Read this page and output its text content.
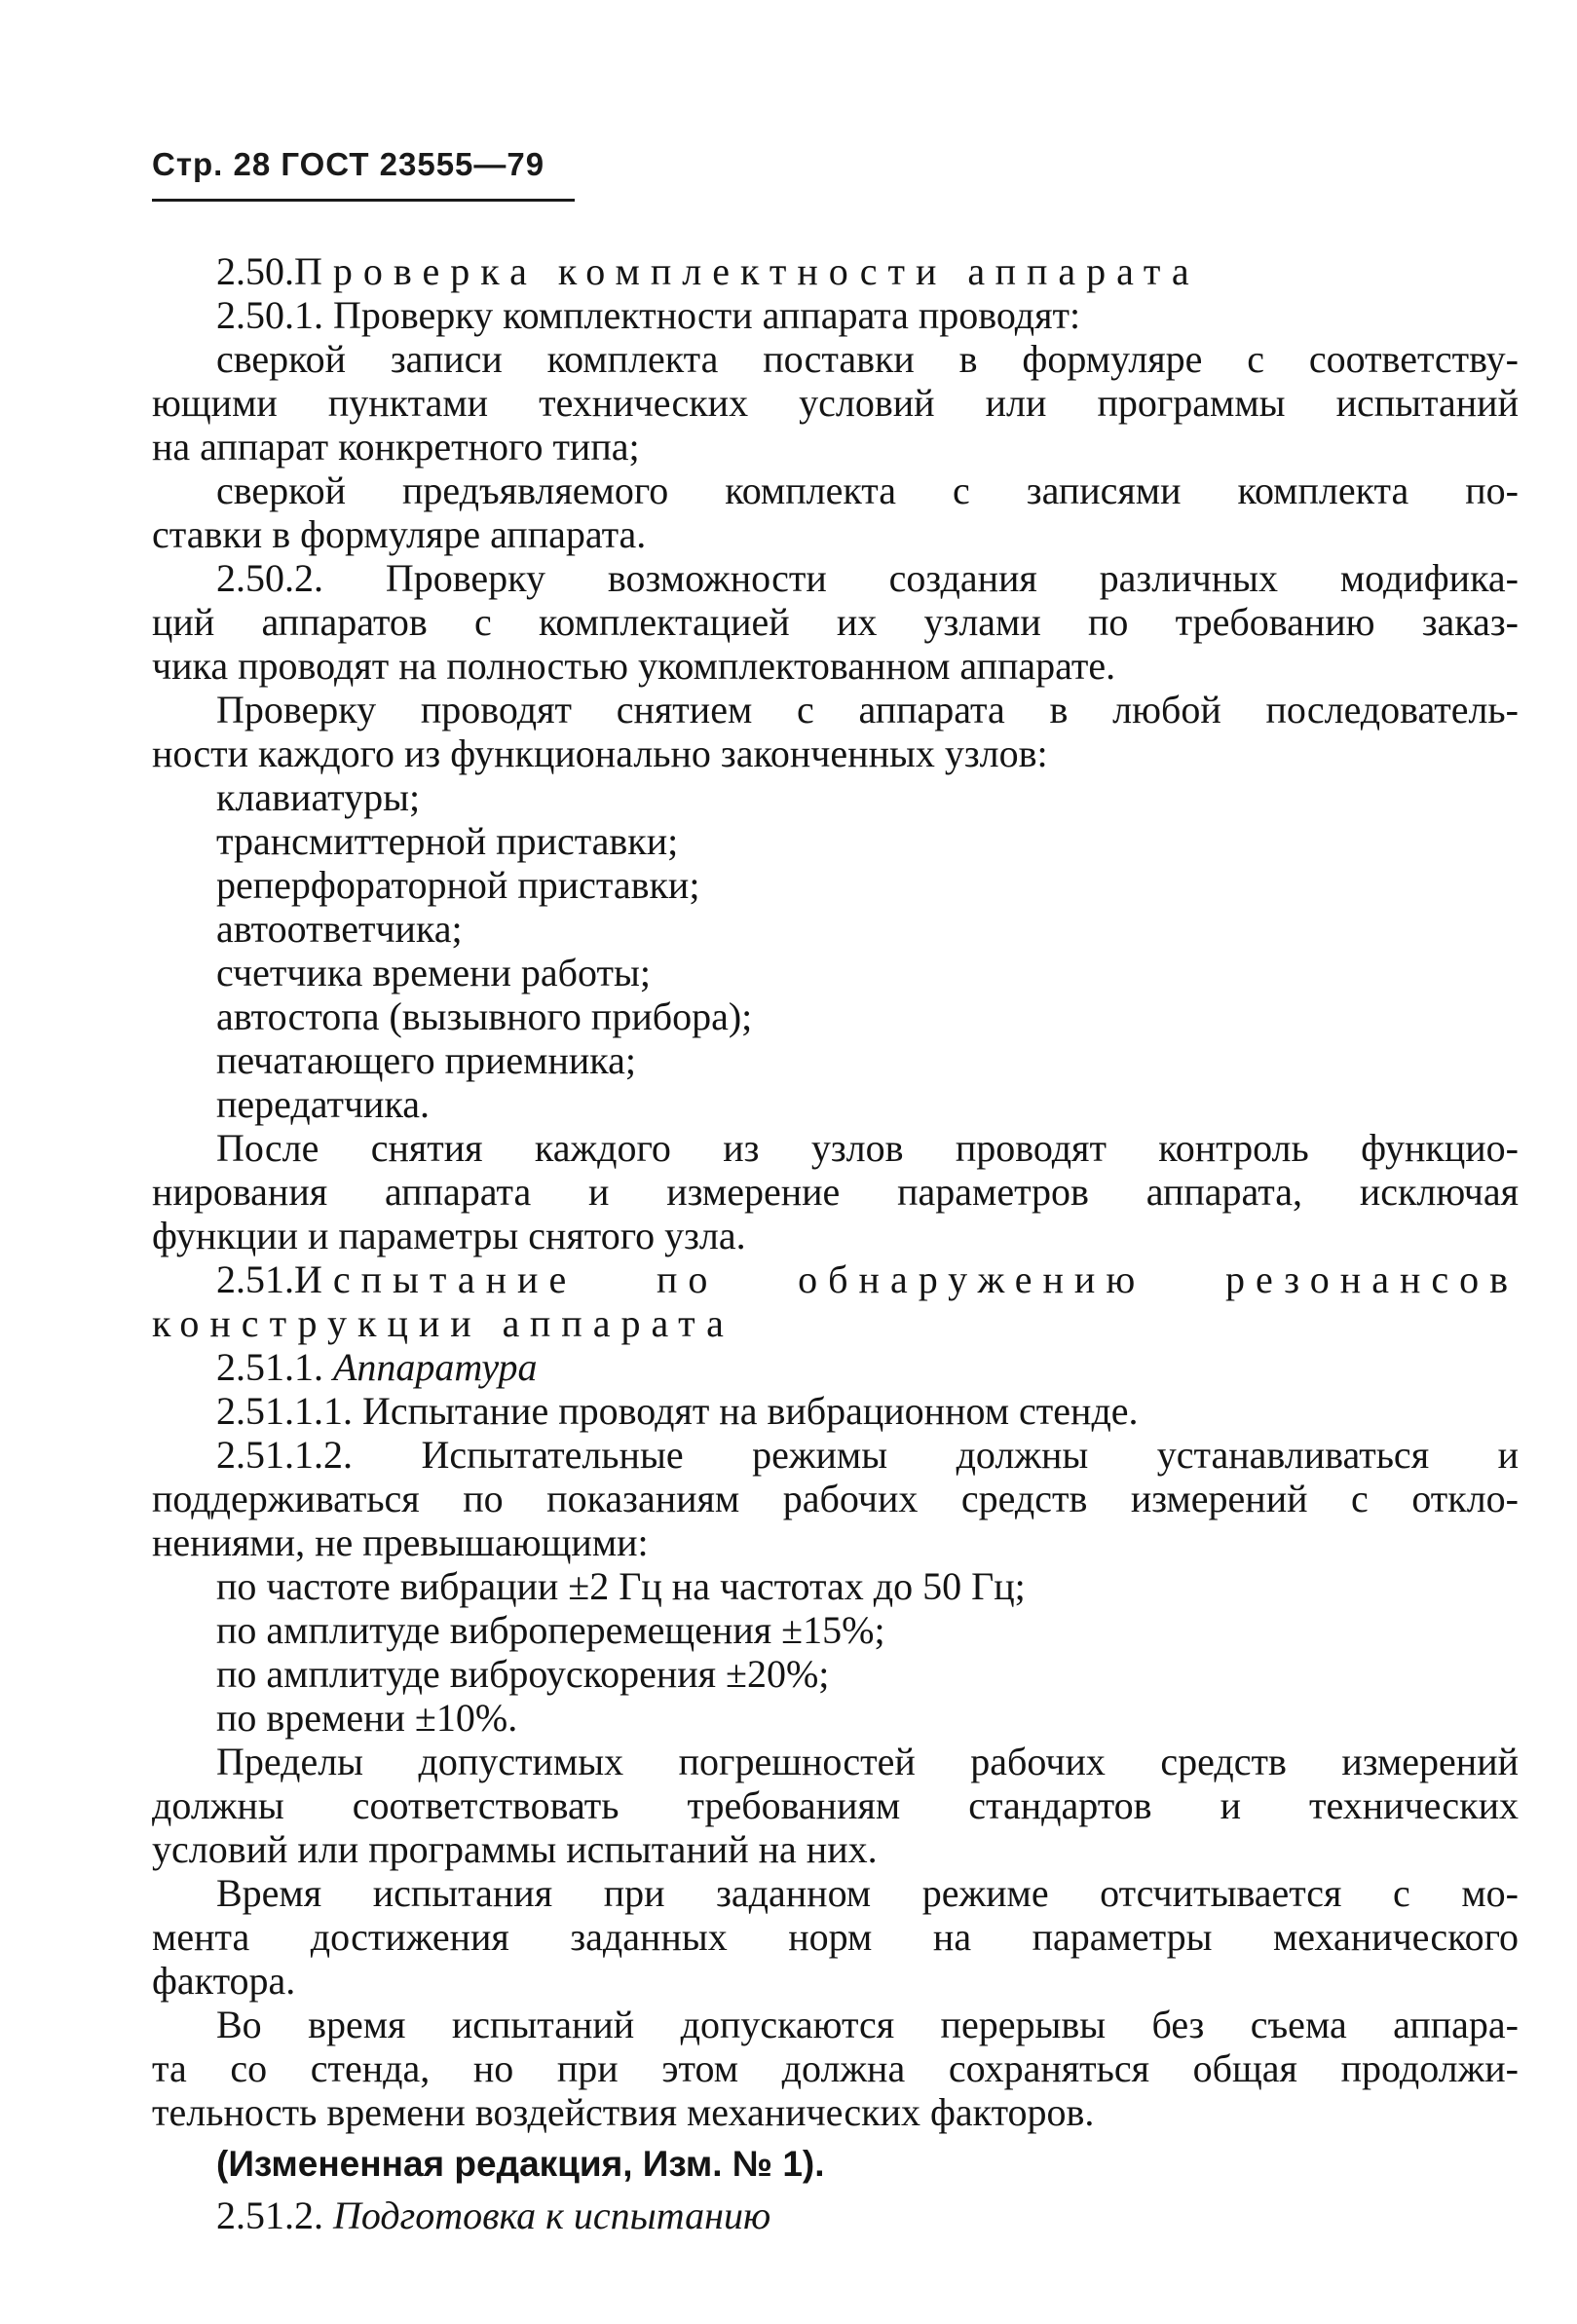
Стр. 28 ГОСТ 23555—79
2.50.Проверка комплектности аппарата
2.50.1. Проверку комплектности аппарата проводят:
сверкой записи комплекта поставки в формуляре с соответству-
ющими пунктами технических условий или программы испытаний
на аппарат конкретного типа;
сверкой предъявляемого комплекта с записями комплекта по-
ставки в формуляре аппарата.
2.50.2. Проверку возможности создания различных модифика-
ций аппаратов с комплектацией их узлами по требованию заказ-
чика проводят на полностью укомплектованном аппарате.
Проверку проводят снятием с аппарата в любой последователь-
ности каждого из функционально законченных узлов:
клавиатуры;
трансмиттерной приставки;
реперфораторной приставки;
автоответчика;
счетчика времени работы;
автостопа (вызывного прибора);
печатающего приемника;
передатчика.
После снятия каждого из узлов проводят контроль функцио-
нирования аппарата и измерение параметров аппарата, исключая
функции и параметры снятого узла.
2.51.Испытание по обнаружению резонансов
конструкции аппарата
2.51.1. Аппаратура
2.51.1.1. Испытание проводят на вибрационном стенде.
2.51.1.2. Испытательные режимы должны устанавливаться и
поддерживаться по показаниям рабочих средств измерений с откло-
нениями, не превышающими:
по частоте вибрации ±2 Гц на частотах до 50 Гц;
по амплитуде виброперемещения ±15%;
по амплитуде виброускорения ±20%;
по времени ±10%.
Пределы допустимых погрешностей рабочих средств измерений
должны соответствовать требованиям стандартов и технических
условий или программы испытаний на них.
Время испытания при заданном режиме отсчитывается с мо-
мента достижения заданных норм на параметры механического
фактора.
Во время испытаний допускаются перерывы без съема аппара-
та со стенда, но при этом должна сохраняться общая продолжи-
тельность времени воздействия механических факторов.
(Измененная редакция, Изм. № 1).
2.51.2. Подготовка к испытанию
